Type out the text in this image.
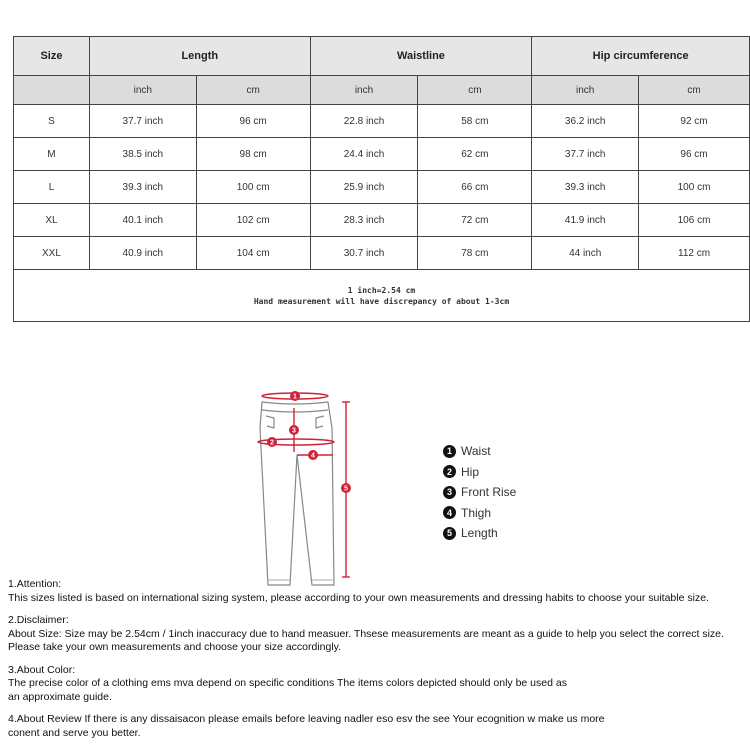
Size	Length		Waistline		Hip circumference	
	inch	cm	inch	cm	inch	cm
S	37.7 inch	96 cm	22.8 inch	58 cm	36.2 inch	92 cm
M	38.5 inch	98 cm	24.4 inch	62 cm	37.7 inch	96 cm
L	39.3 inch	100 cm	25.9 inch	66 cm	39.3 inch	100 cm
XL	40.1 inch	102 cm	28.3 inch	72 cm	41.9 inch	106 cm
XXL	40.9 inch	104 cm	30.7 inch	78 cm	44 inch	112 cm

1 inch=2.54 cm
Hand measurement will have discrepancy of about 1-3cm						
1
2
3
4
5
1 Waist
2 Hip
3 Front Rise
4 Thigh
5 Length

1.Attention:

This sizes listed is based on international sizing system, please according to your own measurements and dressing habits to choose your suitable size.

2.Disclaimer:

About Size: Size may be 2.54cm / 1inch inaccuracy due to hand measuer. Thsese measurements are meant as a guide to help you select the correct size.

Please take your own measurements and choose your size accordingly.

3.About Color:

The precise color of a clothing ems mva depend on specific conditions The items colors depicted should only be used as

an approximate guide.

4.About Review If there is any dissaisacon please emails before leaving nadler eso esv the see Your ecognition w make us more

conent and serve you better.
